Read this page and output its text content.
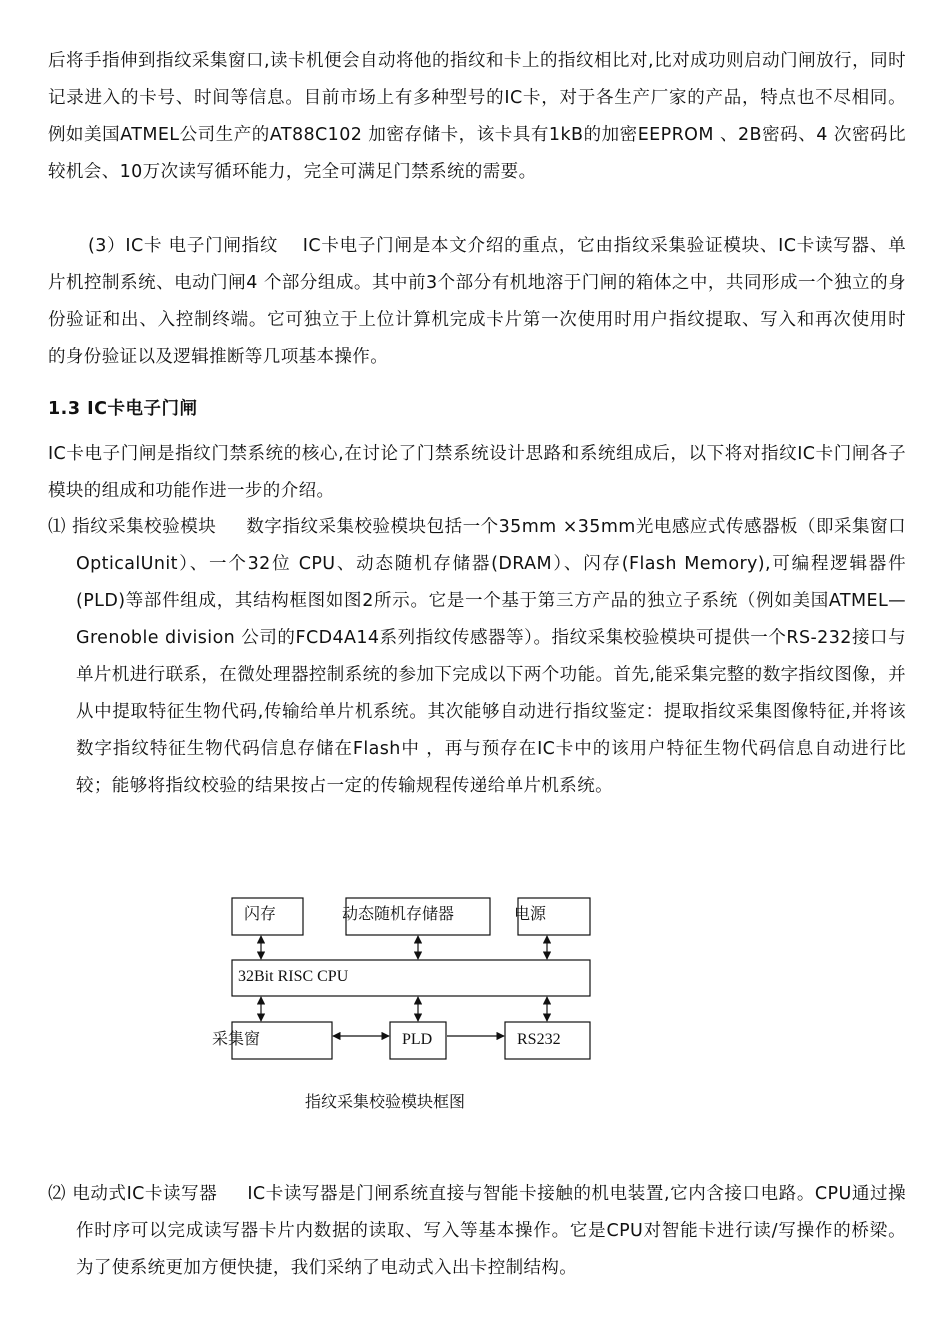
后将手指伸到指纹采集窗口,读卡机便会自动将他的指纹和卡上的指纹相比对,比对成功则启动门闸放行，同时记录进入的卡号、时间等信息。目前市场上有多种型号的IC卡，对于各生产厂家的产品，特点也不尽相同。例如美国ATMEL公司生产的AT88C102 加密存储卡，该卡具有1kB的加密EEPROM 、2B密码、4 次密码比较机会、10万次读写循环能力，完全可满足门禁系统的需要。

(3）IC卡 电子门闸指纹　 IC卡电子门闸是本文介绍的重点，它由指纹采集验证模块、IC卡读写器、单片机控制系统、电动门闸4 个部分组成。其中前3个部分有机地溶于门闸的箱体之中，共同形成一个独立的身份验证和出、入控制终端。它可独立于上位计算机完成卡片第一次使用时用户指纹提取、写入和再次使用时的身份验证以及逻辑推断等几项基本操作。

1.3 IC卡电子门闸

IC卡电子门闸是指纹门禁系统的核心,在讨论了门禁系统设计思路和系统组成后，以下将对指纹IC卡门闸各子模块的组成和功能作进一步的介绍。

⑴ 指纹采集校验模块 数字指纹采集校验模块包括一个35mm ×35mm光电感应式传感器板（即采集窗口OpticalUnit）、一个32位 CPU、动态随机存储器(DRAM）、闪存(Flash Memory),可编程逻辑器件 (PLD)等部件组成，其结构框图如图2所示。它是一个基于第三方产品的独立子系统（例如美国ATMEL—Grenoble division 公司的FCD4A14系列指纹传感器等）。指纹采集校验模块可提供一个RS-232接口与单片机进行联系，在微处理器控制系统的参加下完成以下两个功能。首先,能采集完整的数字指纹图像，并从中提取特征生物代码,传输给单片机系统。其次能够自动进行指纹鉴定：提取指纹采集图像特征,并将该数字指纹特征生物代码信息存储在Flash中 ，再与预存在IC卡中的该用户特征生物代码信息自动进行比较；能够将指纹校验的结果按占一定的传输规程传递给单片机系统。

闪存	动态随机存储器	电源
32Bit RISC CPU
采集窗	PLD	RS232
指纹采集校验模块框图

⑵ 电动式IC卡读写器 IC卡读写器是门闸系统直接与智能卡接触的机电装置,它内含接口电路。CPU通过操作时序可以完成读写器卡片内数据的读取、写入等基本操作。它是CPU对智能卡进行读/写操作的桥梁。为了使系统更加方便快捷，我们采纳了电动式入出卡控制结构。
